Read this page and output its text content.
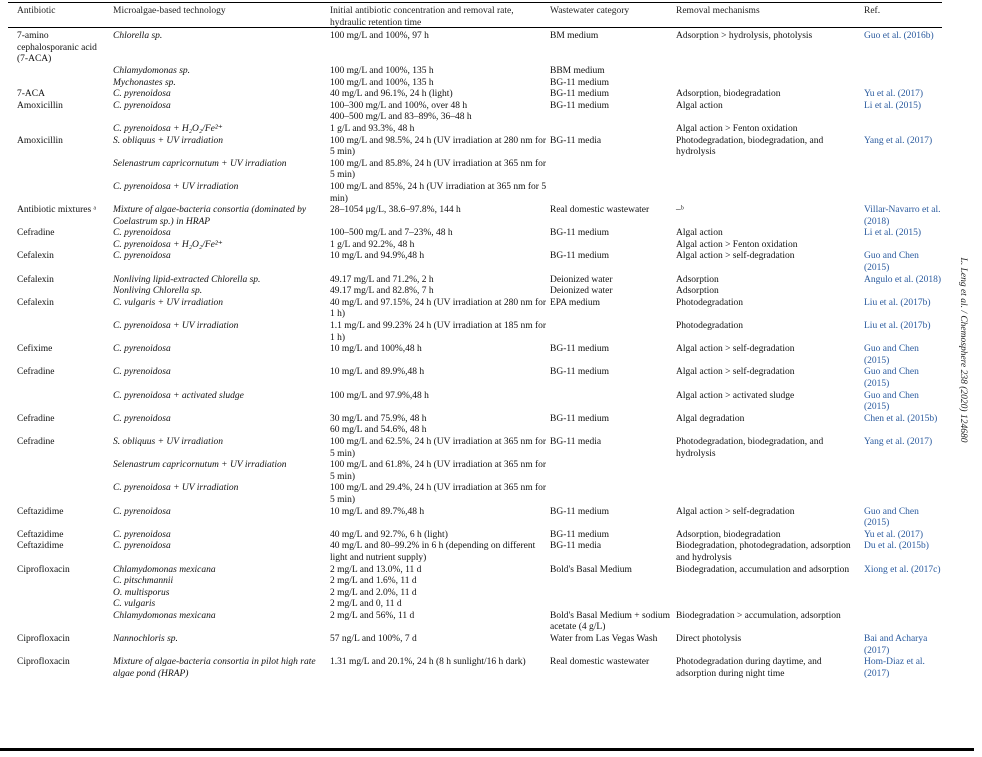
Antibiotic	Microalgae-based technology	Initial antibiotic concentration and removal rate, hydraulic retention time	Wastewater category	Removal mechanisms	Ref.

7-amino cephalosporanic acid (7-ACA)	Chlorella sp.	100 mg/L and 100%, 97 h	BM medium	Adsorption > hydrolysis, photolysis	Guo et al. (2016b)
	Chlamydomonas sp.	100 mg/L and 100%, 135 h	BBM medium		
	Mychonastes sp.	100 mg/L and 100%, 135 h	BG-11 medium		
7-ACA	C. pyrenoidosa	40 mg/L and 96.1%, 24 h (light)	BG-11 medium	Adsorption, biodegradation	Yu et al. (2017)
Amoxicillin	C. pyrenoidosa	100–300 mg/L and 100%, over 48 h	BG-11 medium	Algal action	Li et al. (2015)
		400–500 mg/L and 83–89%, 36–48 h			
	C. pyrenoidosa + H₂O₂/Fe²⁺	1 g/L and 93.3%, 48 h		Algal action > Fenton oxidation	
Amoxicillin	S. obliquus + UV irradiation	100 mg/L and 98.5%, 24 h (UV irradiation at 280 nm for 5 min)	BG-11 media	Photodegradation, biodegradation, and hydrolysis	Yang et al. (2017)
	Selenastrum capricornutum + UV irradiation	100 mg/L and 85.8%, 24 h (UV irradiation at 365 nm for 5 min)			
	C. pyrenoidosa + UV irradiation	100 mg/L and 85%, 24 h (UV irradiation at 365 nm for 5 min)			
Antibiotic mixtures ᵃ	Mixture of algae-bacteria consortia (dominated by Coelastrum sp.) in HRAP	28–1054 μg/L, 38.6–97.8%, 144 h	Real domestic wastewater	–ᵇ	Villar-Navarro et al. (2018)
Cefradine	C. pyrenoidosa	100–500 mg/L and 7–23%, 48 h	BG-11 medium	Algal action	Li et al. (2015)
	C. pyrenoidosa + H₂O₂/Fe²⁺	1 g/L and 92.2%, 48 h		Algal action > Fenton oxidation	
Cefalexin	C. pyrenoidosa	10 mg/L and 94.9%,48 h	BG-11 medium	Algal action > self-degradation	Guo and Chen (2015)
Cefalexin	Nonliving lipid-extracted Chlorella sp.	49.17 mg/L and 71.2%, 2 h	Deionized water	Adsorption	Angulo et al. (2018)
	Nonliving Chlorella sp.	49.17 mg/L and 82.8%, 7 h	Deionized water	Adsorption	
Cefalexin	C. vulgaris + UV irradiation	40 mg/L and 97.15%, 24 h (UV irradiation at 280 nm for 1 h)	EPA medium	Photodegradation	Liu et al. (2017b)
	C. pyrenoidosa + UV irradiation	1.1 mg/L and 99.23% 24 h (UV irradiation at 185 nm for 1 h)		Photodegradation	Liu et al. (2017b)
Cefixime	C. pyrenoidosa	10 mg/L and 100%,48 h	BG-11 medium	Algal action > self-degradation	Guo and Chen (2015)
Cefradine	C. pyrenoidosa	10 mg/L and 89.9%,48 h	BG-11 medium	Algal action > self-degradation	Guo and Chen (2015)
	C. pyrenoidosa + activated sludge	100 mg/L and 97.9%,48 h		Algal action > activated sludge	Guo and Chen (2015)
Cefradine	C. pyrenoidosa	30 mg/L and 75.9%, 48 h	BG-11 medium	Algal degradation	Chen et al. (2015b)
		60 mg/L and 54.6%, 48 h			
Cefradine	S. obliquus + UV irradiation	100 mg/L and 62.5%, 24 h (UV irradiation at 365 nm for 5 min)	BG-11 media	Photodegradation, biodegradation, and hydrolysis	Yang et al. (2017)
	Selenastrum capricornutum + UV irradiation	100 mg/L and 61.8%, 24 h (UV irradiation at 365 nm for 5 min)			
	C. pyrenoidosa + UV irradiation	100 mg/L and 29.4%, 24 h (UV irradiation at 365 nm for 5 min)			
Ceftazidime	C. pyrenoidosa	10 mg/L and 89.7%,48 h	BG-11 medium	Algal action > self-degradation	Guo and Chen (2015)
Ceftazidime	C. pyrenoidosa	40 mg/L and 92.7%, 6 h (light)	BG-11 medium	Adsorption, biodegradation	Yu et al. (2017)
Ceftazidime	C. pyrenoidosa	40 mg/L and 80–99.2% in 6 h (depending on different light and nutrient supply)	BG-11 media	Biodegradation, photodegradation, adsorption and hydrolysis	Du et al. (2015b)
Ciprofloxacin	Chlamydomonas mexicana	2 mg/L and 13.0%, 11 d	Bold's Basal Medium	Biodegradation, accumulation and adsorption	Xiong et al. (2017c)
	C. pitschmannii	2 mg/L and 1.6%, 11 d			
	O. multisporus	2 mg/L and 2.0%, 11 d			
	C. vulgaris	2 mg/L and 0, 11 d			
	Chlamydomonas mexicana	2 mg/L and 56%, 11 d	Bold's Basal Medium + sodium acetate (4 g/L)	Biodegradation > accumulation, adsorption	
Ciprofloxacin	Nannochloris sp.	57 ng/L and 100%, 7 d	Water from Las Vegas Wash	Direct photolysis	Bai and Acharya (2017)
Ciprofloxacin	Mixture of algae-bacteria consortia in pilot high rate algae pond (HRAP)	1.31 mg/L and 20.1%, 24 h (8 h sunlight/16 h dark)	Real domestic wastewater	Photodegradation during daytime, and adsorption during night time	Hom-Diaz et al. (2017)
L. Leng et al. / Chemosphere 238 (2020) 124680
